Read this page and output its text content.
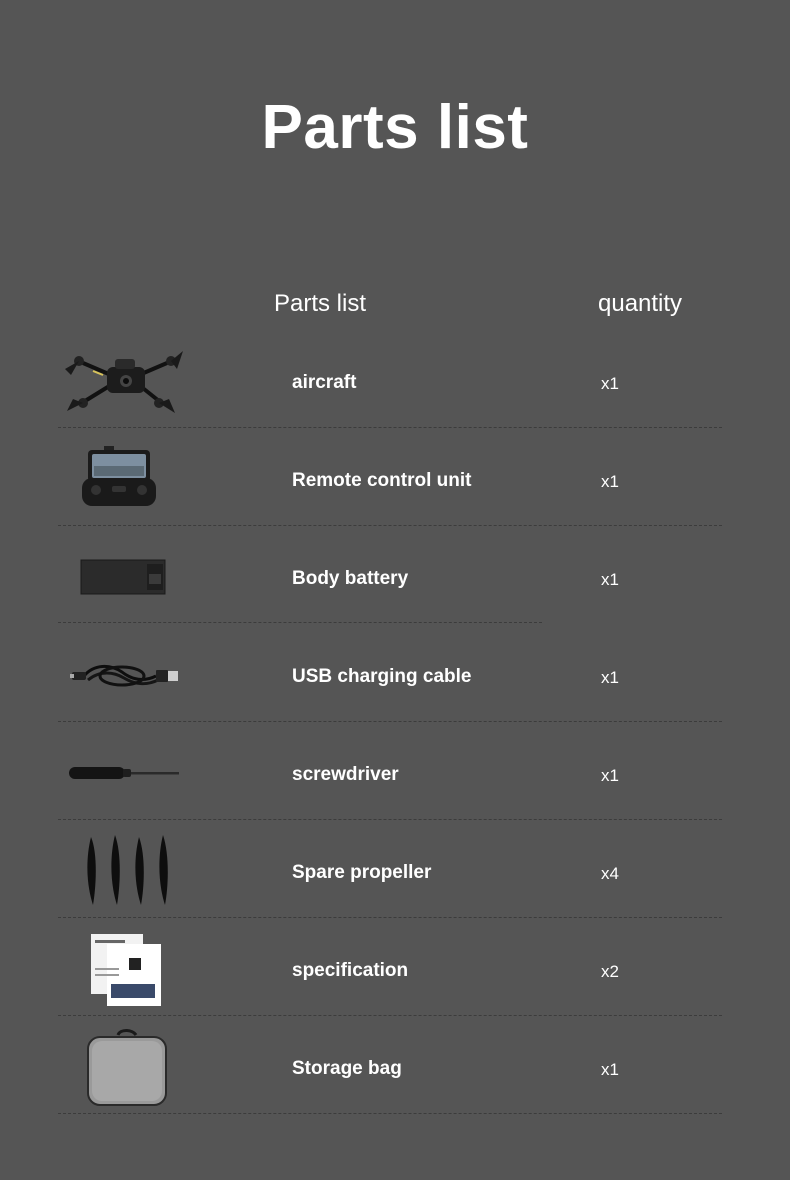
Parts list
Parts list	quantity
aircraft	x1
Remote control unit	x1
Body battery	x1
USB charging cable	x1
screwdriver	x1
Spare propeller	x4
specification	x2
Storage bag	x1
